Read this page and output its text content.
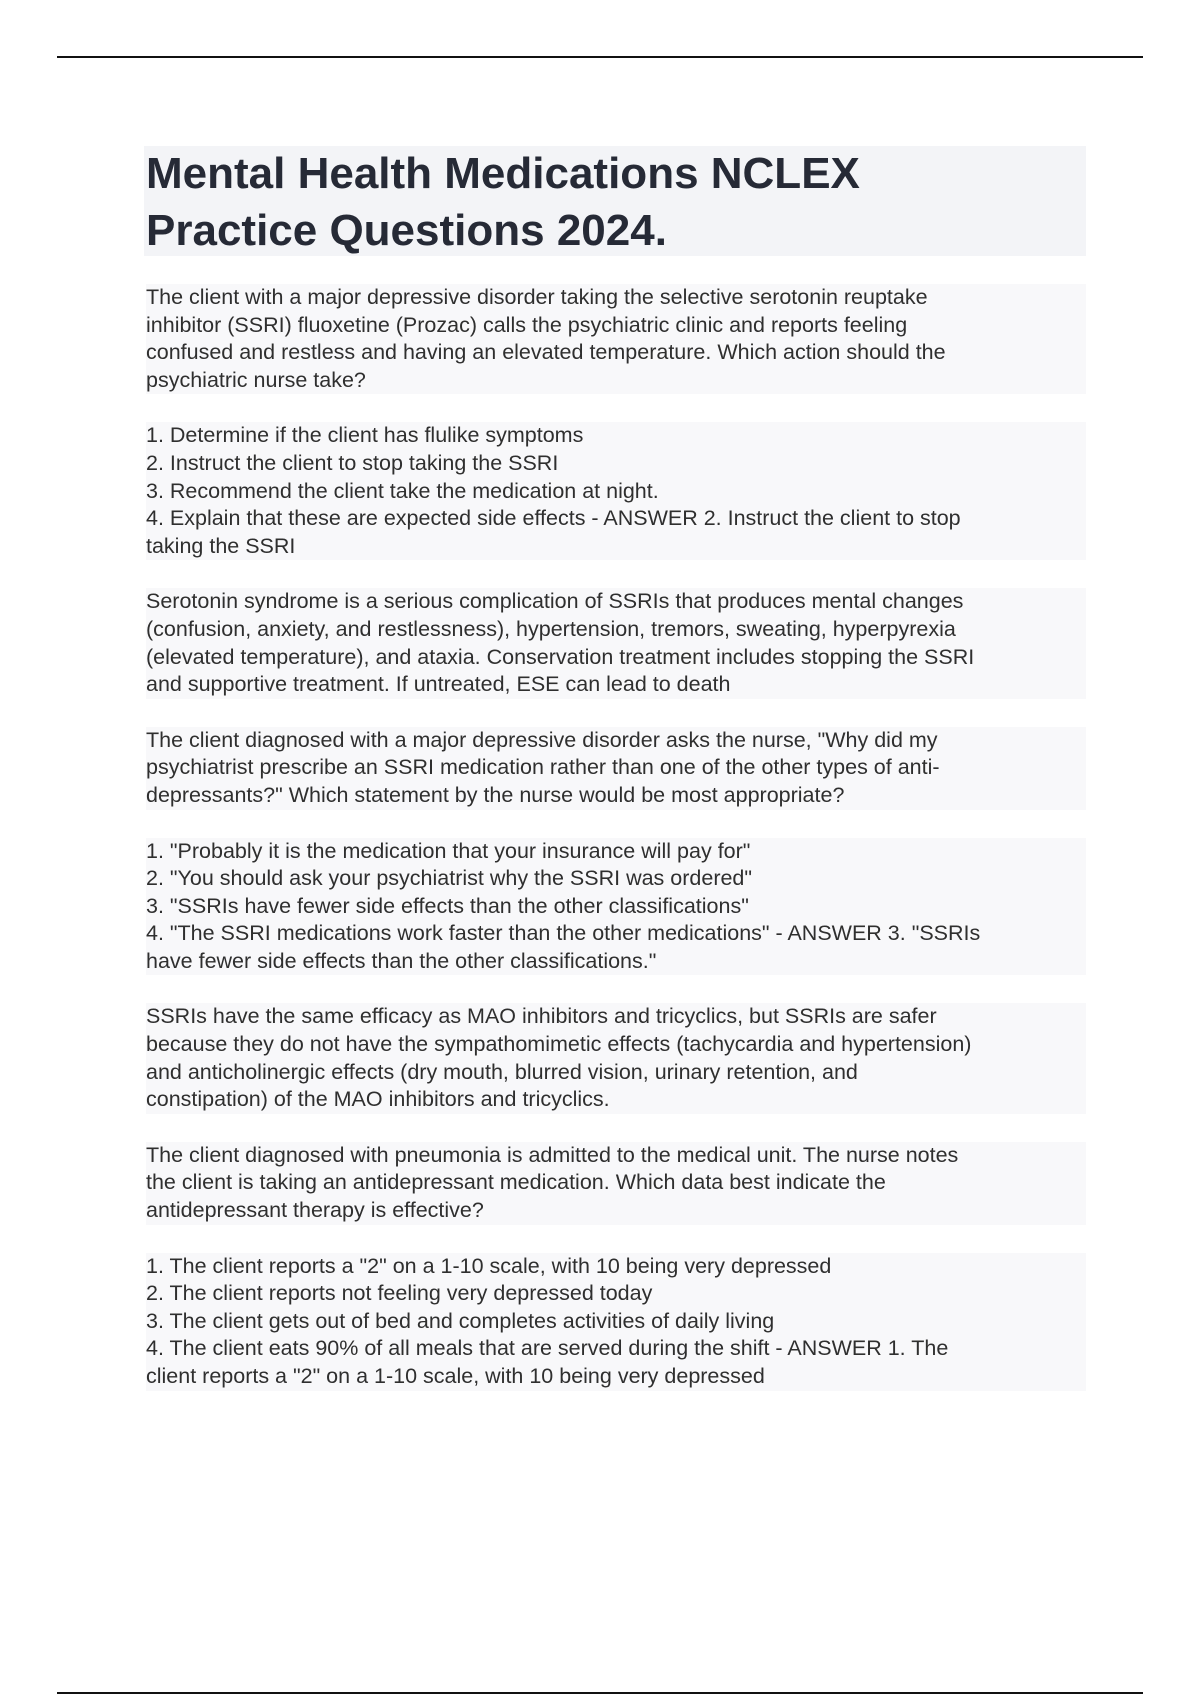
Mental Health Medications NCLEX
Practice Questions 2024.

The client with a major depressive disorder taking the selective serotonin reuptake
inhibitor (SSRI) fluoxetine (Prozac) calls the psychiatric clinic and reports feeling
confused and restless and having an elevated temperature. Which action should the
psychiatric nurse take?

1. Determine if the client has flulike symptoms
2. Instruct the client to stop taking the SSRI
3. Recommend the client take the medication at night.
4. Explain that these are expected side effects - ANSWER 2. Instruct the client to stop
taking the SSRI

Serotonin syndrome is a serious complication of SSRIs that produces mental changes
(confusion, anxiety, and restlessness), hypertension, tremors, sweating, hyperpyrexia
(elevated temperature), and ataxia. Conservation treatment includes stopping the SSRI
and supportive treatment. If untreated, ESE can lead to death

The client diagnosed with a major depressive disorder asks the nurse, "Why did my
psychiatrist prescribe an SSRI medication rather than one of the other types of anti-
depressants?" Which statement by the nurse would be most appropriate?

1. "Probably it is the medication that your insurance will pay for"
2. "You should ask your psychiatrist why the SSRI was ordered"
3. "SSRIs have fewer side effects than the other classifications"
4. "The SSRI medications work faster than the other medications" - ANSWER 3. "SSRIs
have fewer side effects than the other classifications."

SSRIs have the same efficacy as MAO inhibitors and tricyclics, but SSRIs are safer
because they do not have the sympathomimetic effects (tachycardia and hypertension)
and anticholinergic effects (dry mouth, blurred vision, urinary retention, and
constipation) of the MAO inhibitors and tricyclics.

The client diagnosed with pneumonia is admitted to the medical unit. The nurse notes
the client is taking an antidepressant medication. Which data best indicate the
antidepressant therapy is effective?

1. The client reports a "2" on a 1-10 scale, with 10 being very depressed
2. The client reports not feeling very depressed today
3. The client gets out of bed and completes activities of daily living
4. The client eats 90% of all meals that are served during the shift - ANSWER 1. The
client reports a "2" on a 1-10 scale, with 10 being very depressed
